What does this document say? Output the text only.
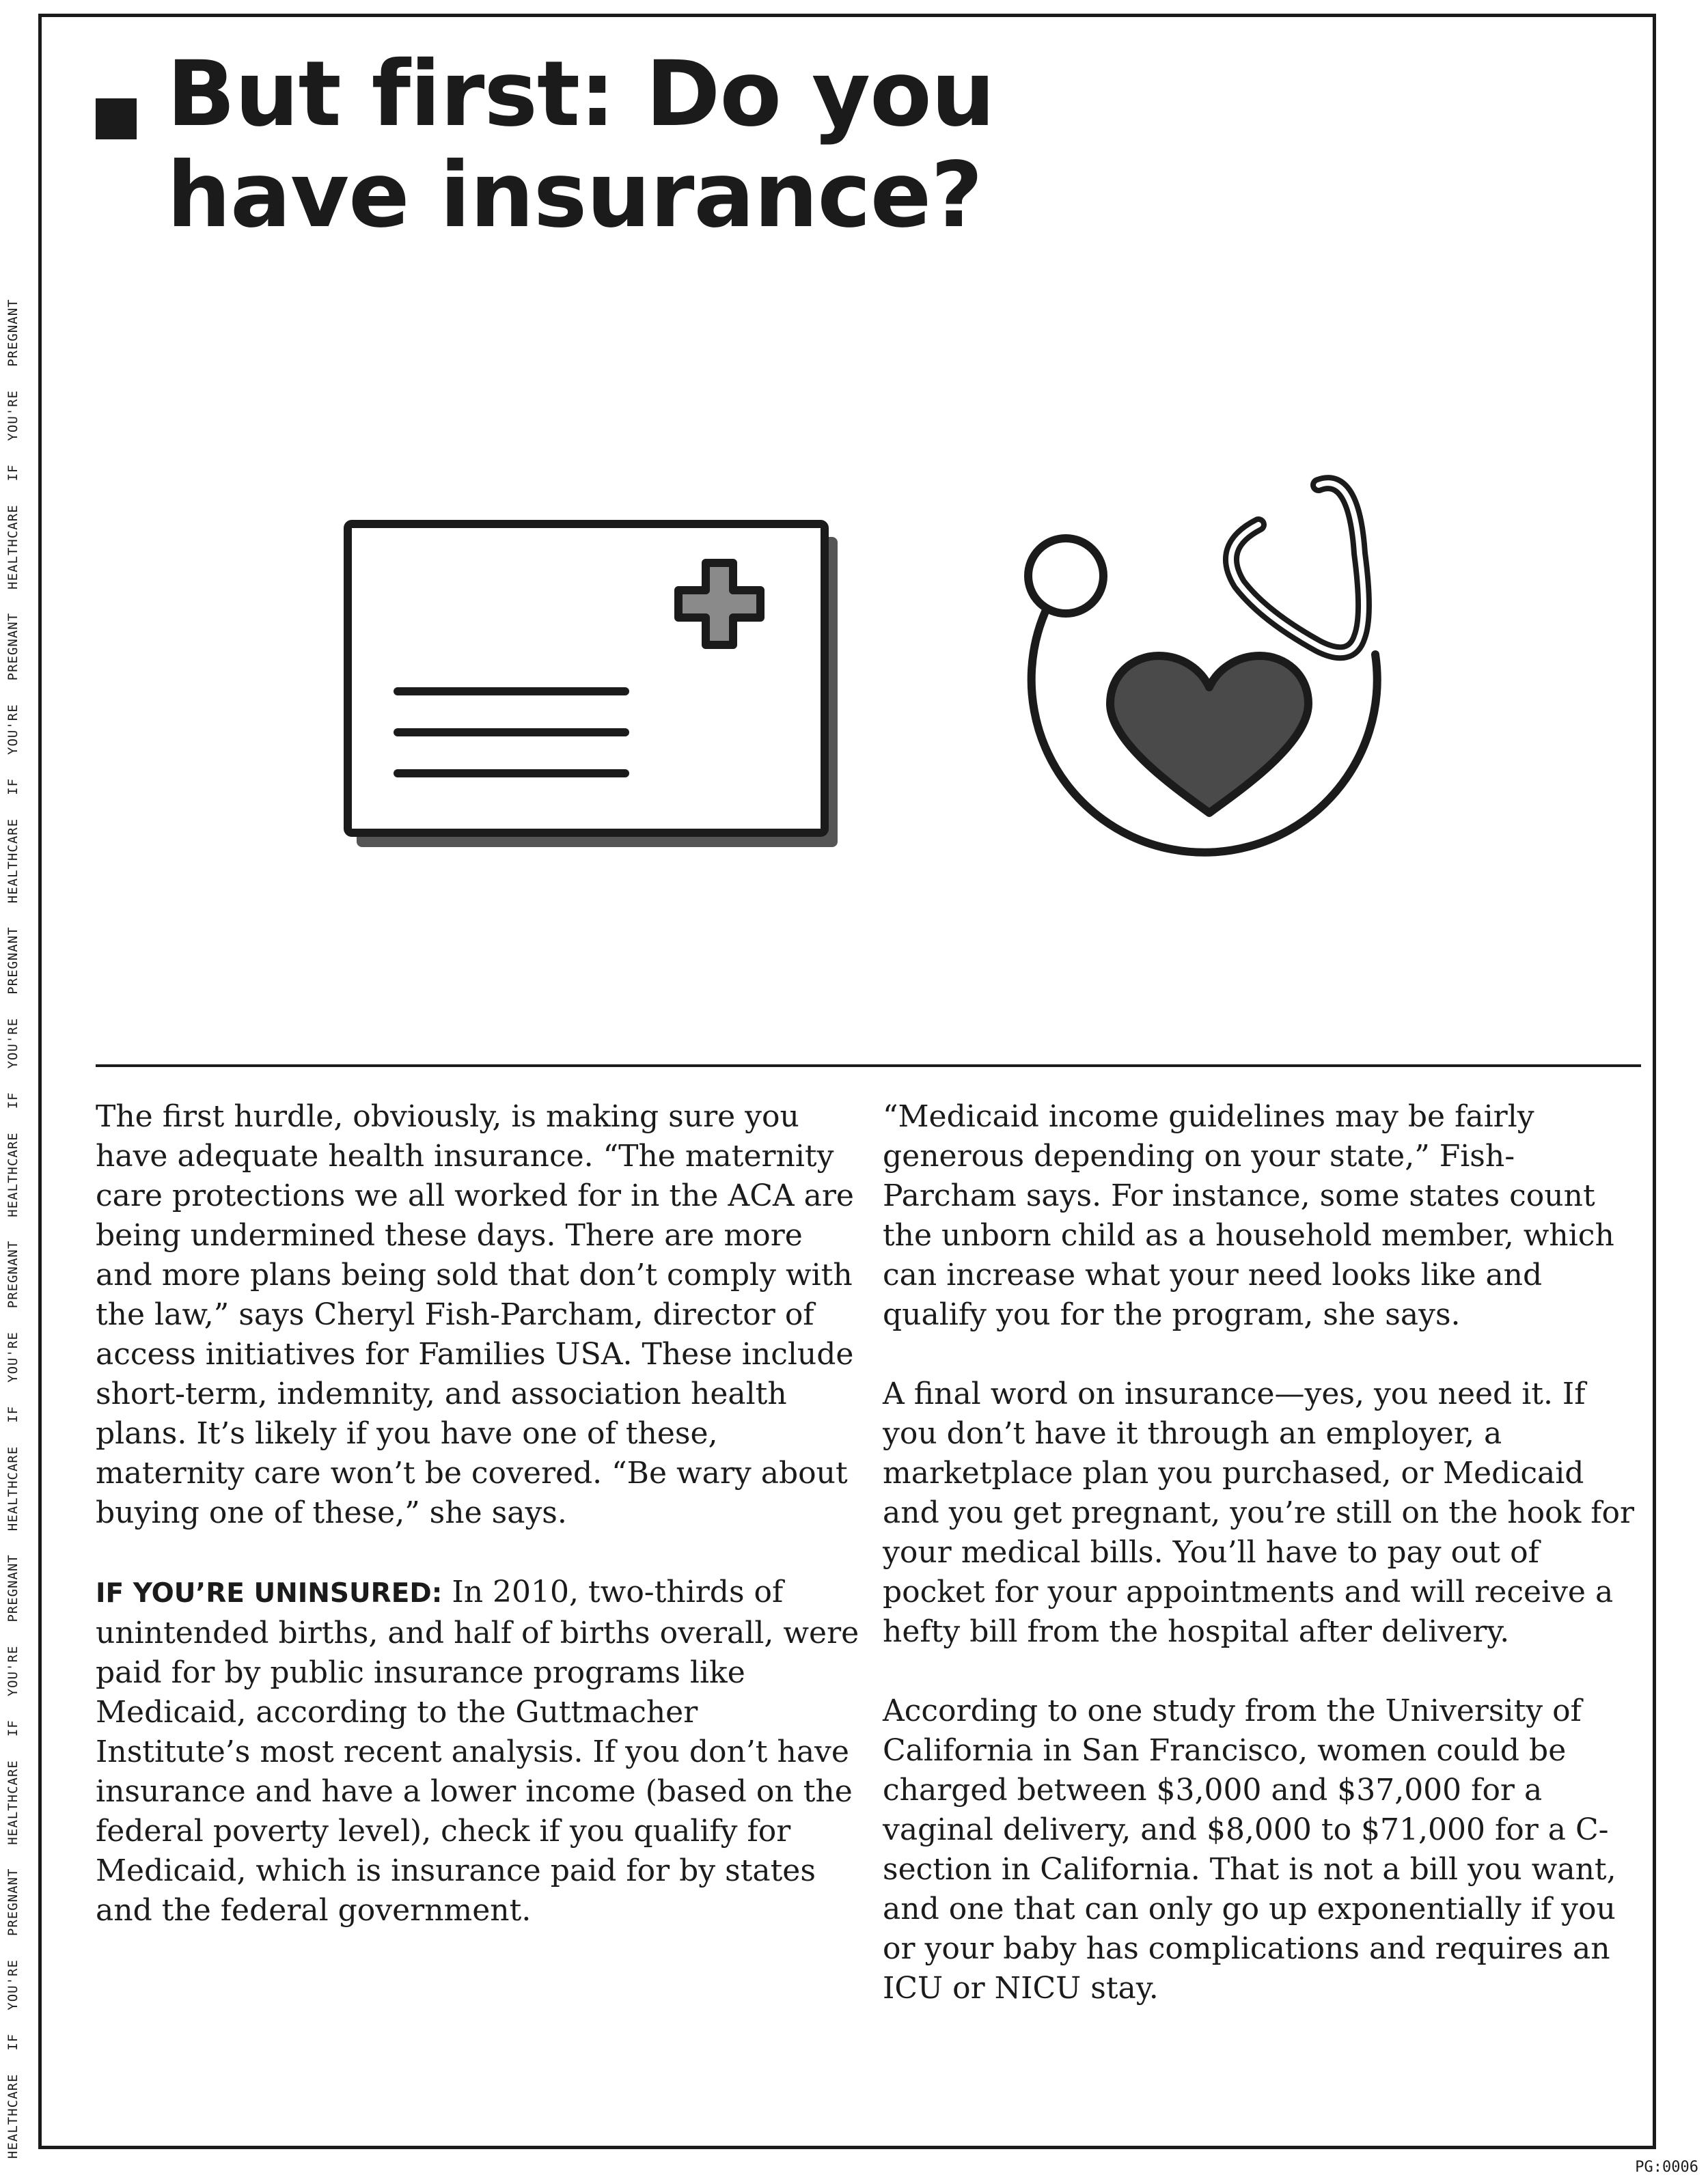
HEALTHCAREIFYOU'REPREGNANTHEALTHCAREIFYOU'REPREGNANTHEALTHCAREIFYOU'REPREGNANTHEALTHCAREIFYOU'REPREGNANTHEALTHCAREIFYOU'REPREGNANTHEALTHCAREIFYOU'REPREGNANT
But first: Do you have insurance?

The first hurdle, obviously, is making sure you have adequate health insurance. “The maternity care protections we all worked for in the ACA are being undermined these days. There are more and more plans being sold that don’t comply with the law,” says Cheryl Fish-Parcham, director of access initiatives for Families USA. These include short-term, indemnity, and association health plans. It’s likely if you have one of these, maternity care won’t be covered. “Be wary about buying one of these,” she says.

IF YOU’RE UNINSURED: In 2010, two-thirds of unintended births, and half of births overall, were paid for by public insurance programs like Medicaid, according to the Guttmacher Institute’s most recent analysis. If you don’t have insurance and have a lower income (based on the federal poverty level), check if you qualify for Medicaid, which is insurance paid for by states and the federal government.

“Medicaid income guidelines may be fairly generous depending on your state,” Fish-Parcham says. For instance, some states count the unborn child as a household member, which can increase what your need looks like and qualify you for the program, she says.

A final word on insurance—yes, you need it. If you don’t have it through an employer, a marketplace plan you purchased, or Medicaid and you get pregnant, you’re still on the hook for your medical bills. You’ll have to pay out of pocket for your appointments and will receive a hefty bill from the hospital after delivery.

According to one study from the University of California in San Francisco, women could be charged between $3,000 and $37,000 for a vaginal delivery, and $8,000 to $71,000 for a C-section in California. That is not a bill you want, and one that can only go up exponentially if you or your baby has complications and requires an ICU or NICU stay.

PG:0006
